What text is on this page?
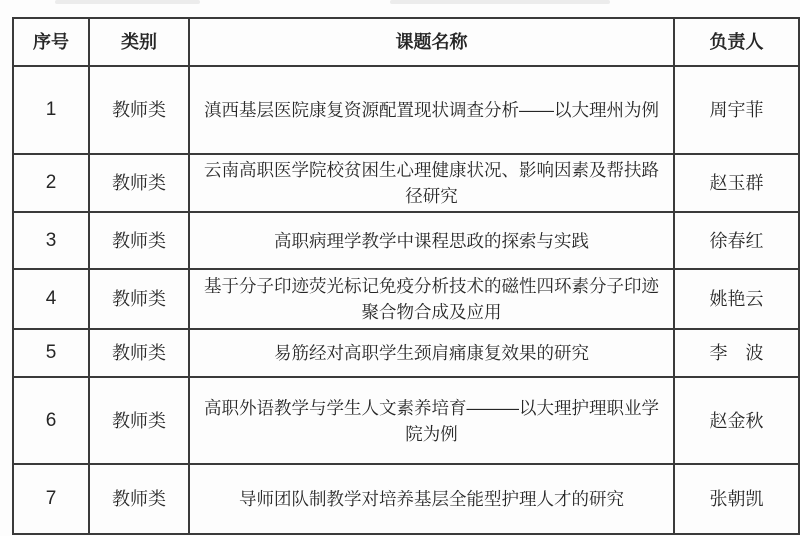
序号	类别	课题名称	负责人
1	教师类	滇西基层医院康复资源配置现状调查分析——以大理州为例	周宇菲
2	教师类	云南高职医学院校贫困生心理健康状况、影响因素及帮扶路径研究	赵玉群
3	教师类	高职病理学教学中课程思政的探索与实践	徐春红
4	教师类	基于分子印迹荧光标记免疫分析技术的磁性四环素分子印迹聚合物合成及应用	姚艳云
5	教师类	易筋经对高职学生颈肩痛康复效果的研究	李　波
6	教师类	高职外语教学与学生人文素养培育———以大理护理职业学院为例	赵金秋
7	教师类	导师团队制教学对培养基层全能型护理人才的研究	张朝凯
